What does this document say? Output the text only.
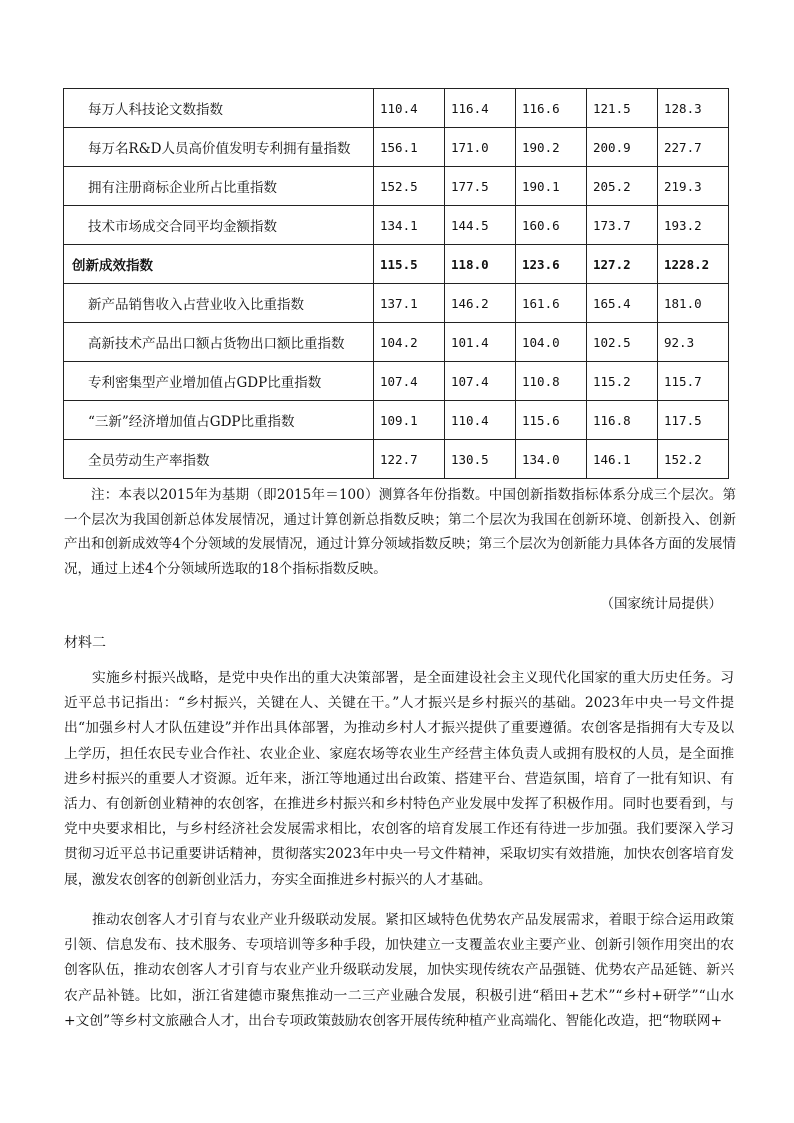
每万人科技论文数指数	110.4	116.4	116.6	121.5	128.3
每万名R&D人员高价值发明专利拥有量指数	156.1	171.0	190.2	200.9	227.7
拥有注册商标企业所占比重指数	152.5	177.5	190.1	205.2	219.3
技术市场成交合同平均金额指数	134.1	144.5	160.6	173.7	193.2
创新成效指数	115.5	118.0	123.6	127.2	1228.2
新产品销售收入占营业收入比重指数	137.1	146.2	161.6	165.4	181.0
高新技术产品出口额占货物出口额比重指数	104.2	101.4	104.0	102.5	92.3
专利密集型产业增加值占GDP比重指数	107.4	107.4	110.8	115.2	115.7
“三新”经济增加值占GDP比重指数	109.1	110.4	115.6	116.8	117.5
全员劳动生产率指数	122.7	130.5	134.0	146.1	152.2
注：本表以2015年为基期（即2015年＝100）测算各年份指数。中国创新指数指标体系分成三个层次。第一个层次为我国创新总体发展情况，通过计算创新总指数反映；第二个层次为我国在创新环境、创新投入、创新产出和创新成效等4个分领域的发展情况，通过计算分领域指数反映；第三个层次为创新能力具体各方面的发展情况，通过上述4个分领域所选取的18个指标指数反映。
（国家统计局提供）
材料二
实施乡村振兴战略，是党中央作出的重大决策部署，是全面建设社会主义现代化国家的重大历史任务。习近平总书记指出：“乡村振兴，关键在人、关键在干。”人才振兴是乡村振兴的基础。2023年中央一号文件提出“加强乡村人才队伍建设”并作出具体部署，为推动乡村人才振兴提供了重要遵循。农创客是指拥有大专及以上学历，担任农民专业合作社、农业企业、家庭农场等农业生产经营主体负责人或拥有股权的人员，是全面推进乡村振兴的重要人才资源。近年来，浙江等地通过出台政策、搭建平台、营造氛围，培育了一批有知识、有活力、有创新创业精神的农创客，在推进乡村振兴和乡村特色产业发展中发挥了积极作用。同时也要看到，与党中央要求相比，与乡村经济社会发展需求相比，农创客的培育发展工作还有待进一步加强。我们要深入学习贯彻习近平总书记重要讲话精神，贯彻落实2023年中央一号文件精神，采取切实有效措施，加快农创客培育发展，激发农创客的创新创业活力，夯实全面推进乡村振兴的人才基础。
推动农创客人才引育与农业产业升级联动发展。紧扣区域特色优势农产品发展需求，着眼于综合运用政策引领、信息发布、技术服务、专项培训等多种手段，加快建立一支覆盖农业主要产业、创新引领作用突出的农创客队伍，推动农创客人才引育与农业产业升级联动发展，加快实现传统农产品强链、优势农产品延链、新兴农产品补链。比如，浙江省建德市聚焦推动一二三产业融合发展，积极引进“稻田+艺术”“乡村+研学”“山水+文创”等乡村文旅融合人才，出台专项政策鼓励农创客开展传统种植产业高端化、智能化改造，把“物联网+
